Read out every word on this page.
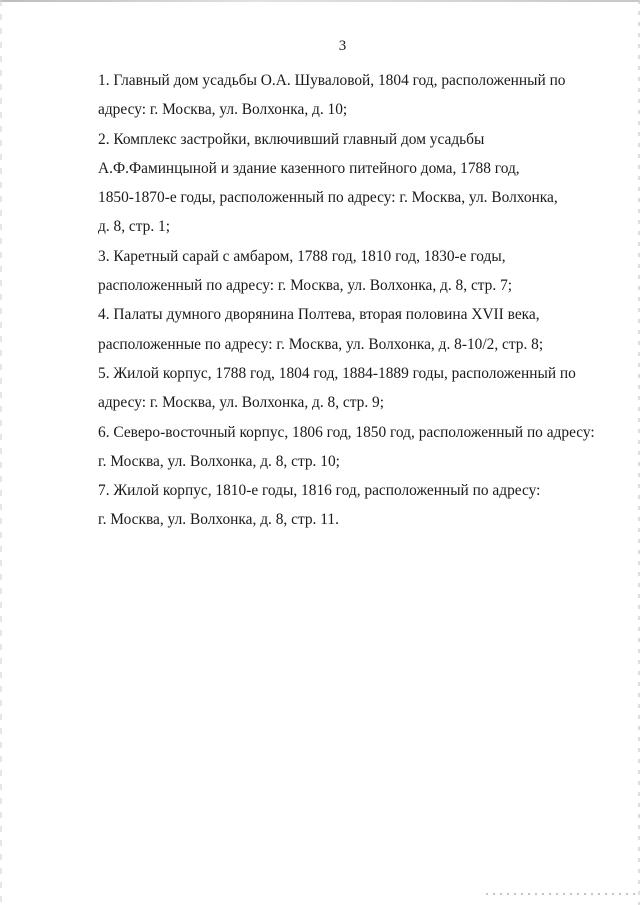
3
1. Главный дом усадьбы О.А. Шуваловой, 1804 год, расположенный по
адресу: г. Москва, ул. Волхонка, д. 10;
2. Комплекс застройки, включивший главный дом усадьбы
А.Ф.Фаминцыной и здание казенного питейного дома, 1788 год,
1850-1870-е годы, расположенный по адресу: г. Москва, ул. Волхонка,
д. 8, стр. 1;
3. Каретный сарай с амбаром, 1788 год, 1810 год, 1830-е годы,
расположенный по адресу: г. Москва, ул. Волхонка, д. 8, стр. 7;
4. Палаты думного дворянина Полтева, вторая половина XVII века,
расположенные по адресу: г. Москва, ул. Волхонка, д. 8-10/2, стр. 8;
5. Жилой корпус, 1788 год, 1804 год, 1884-1889 годы, расположенный по
адресу: г. Москва, ул. Волхонка, д. 8, стр. 9;
6. Северо-восточный корпус, 1806 год, 1850 год, расположенный по адресу:
г. Москва, ул. Волхонка, д. 8, стр. 10;
7. Жилой корпус, 1810-е годы, 1816 год, расположенный по адресу:
г. Москва, ул. Волхонка, д. 8, стр. 11.
